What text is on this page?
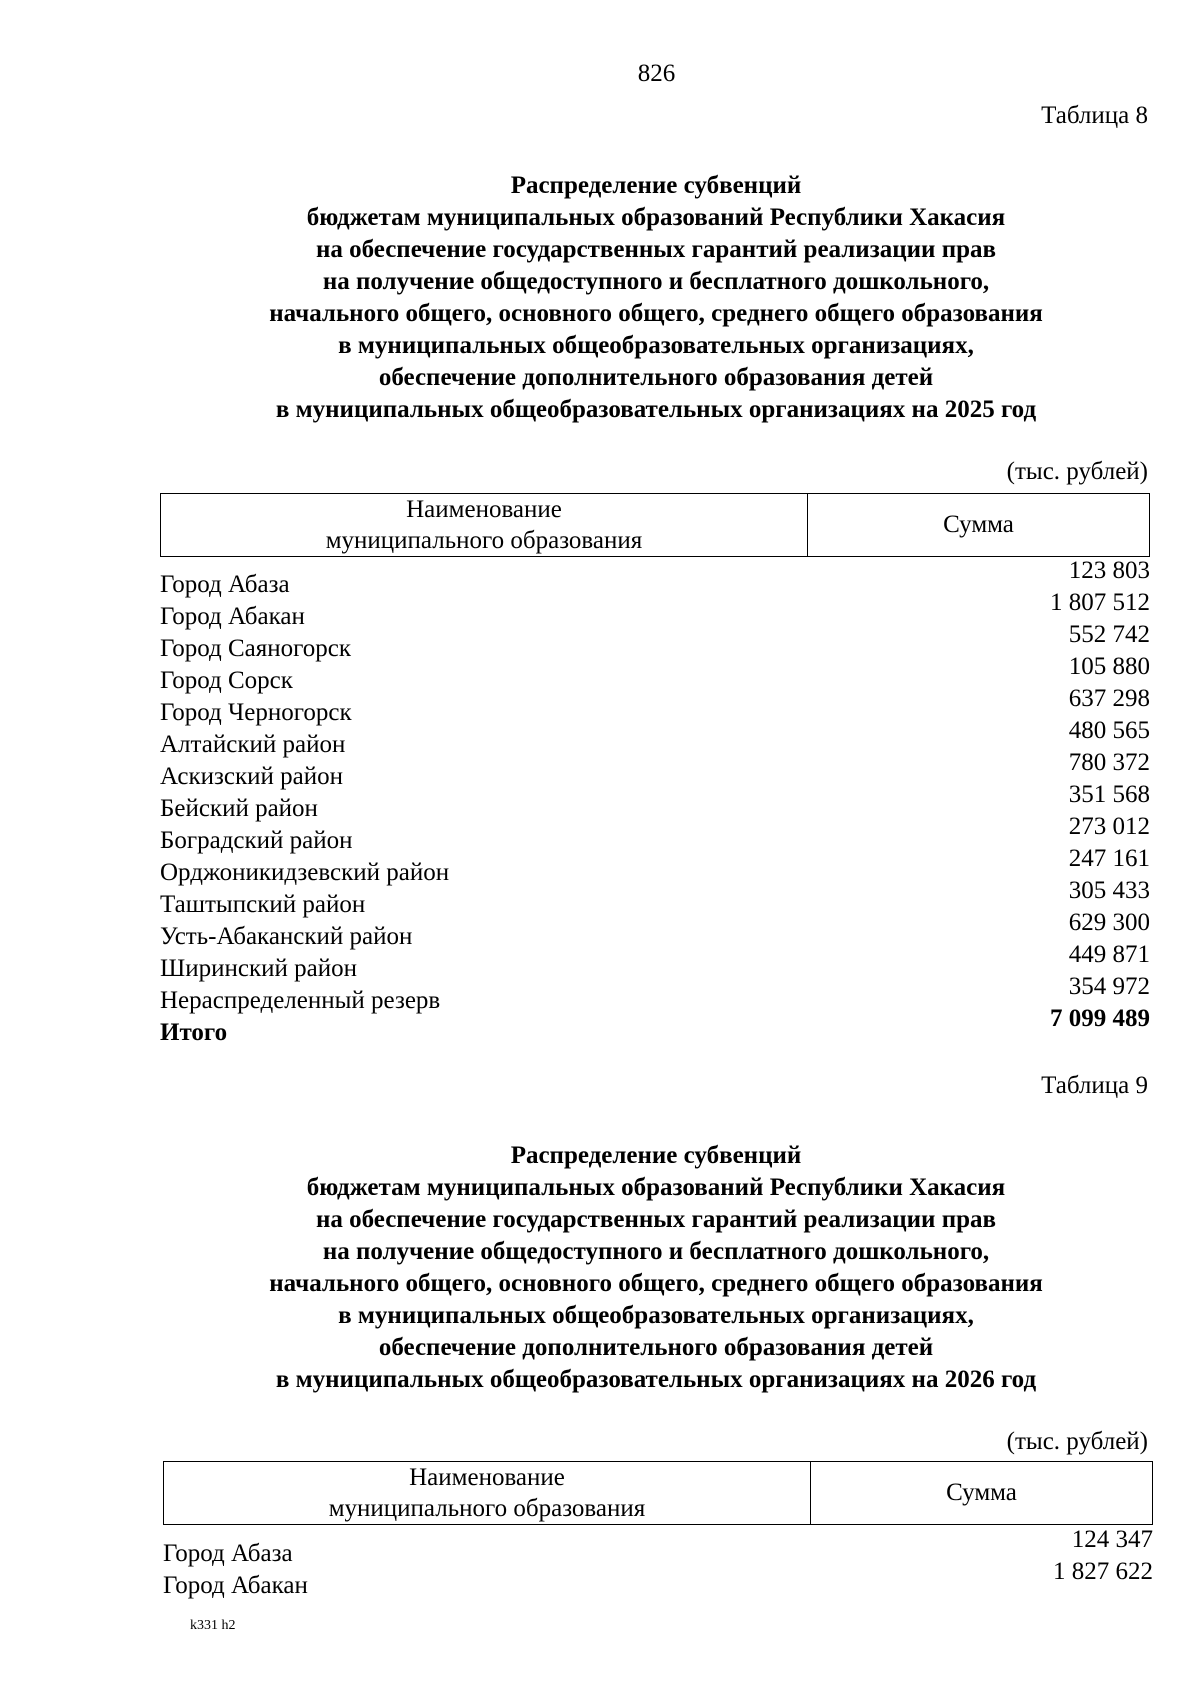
826
Таблица 8
Распределение субвенций
бюджетам муниципальных образований Республики Хакасия
на обеспечение государственных гарантий реализации прав
на получение общедоступного и бесплатного дошкольного,
начального общего, основного общего, среднего общего образования
в муниципальных общеобразовательных организациях,
обеспечение дополнительного образования детей
в муниципальных общеобразовательных организациях на 2025 год
(тыс. рублей)
Наименование
муниципального образования
Сумма
Город Абаза
123 803
Город Абакан
1 807 512
Город Саяногорск
552 742
Город Сорск
105 880
Город Черногорск
637 298
Алтайский район
480 565
Аскизский район
780 372
Бейский район
351 568
Боградский район
273 012
Орджоникидзевский район
247 161
Таштыпский район
305 433
Усть-Абаканский район
629 300
Ширинский район
449 871
Нераспределенный резерв
354 972
Итого
7 099 489
Таблица 9
Распределение субвенций
бюджетам муниципальных образований Республики Хакасия
на обеспечение государственных гарантий реализации прав
на получение общедоступного и бесплатного дошкольного,
начального общего, основного общего, среднего общего образования
в муниципальных общеобразовательных организациях,
обеспечение дополнительного образования детей
в муниципальных общеобразовательных организациях на 2026 год
(тыс. рублей)
Наименование
муниципального образования
Сумма
Город Абаза
124 347
Город Абакан
1 827 622
k331 h2
